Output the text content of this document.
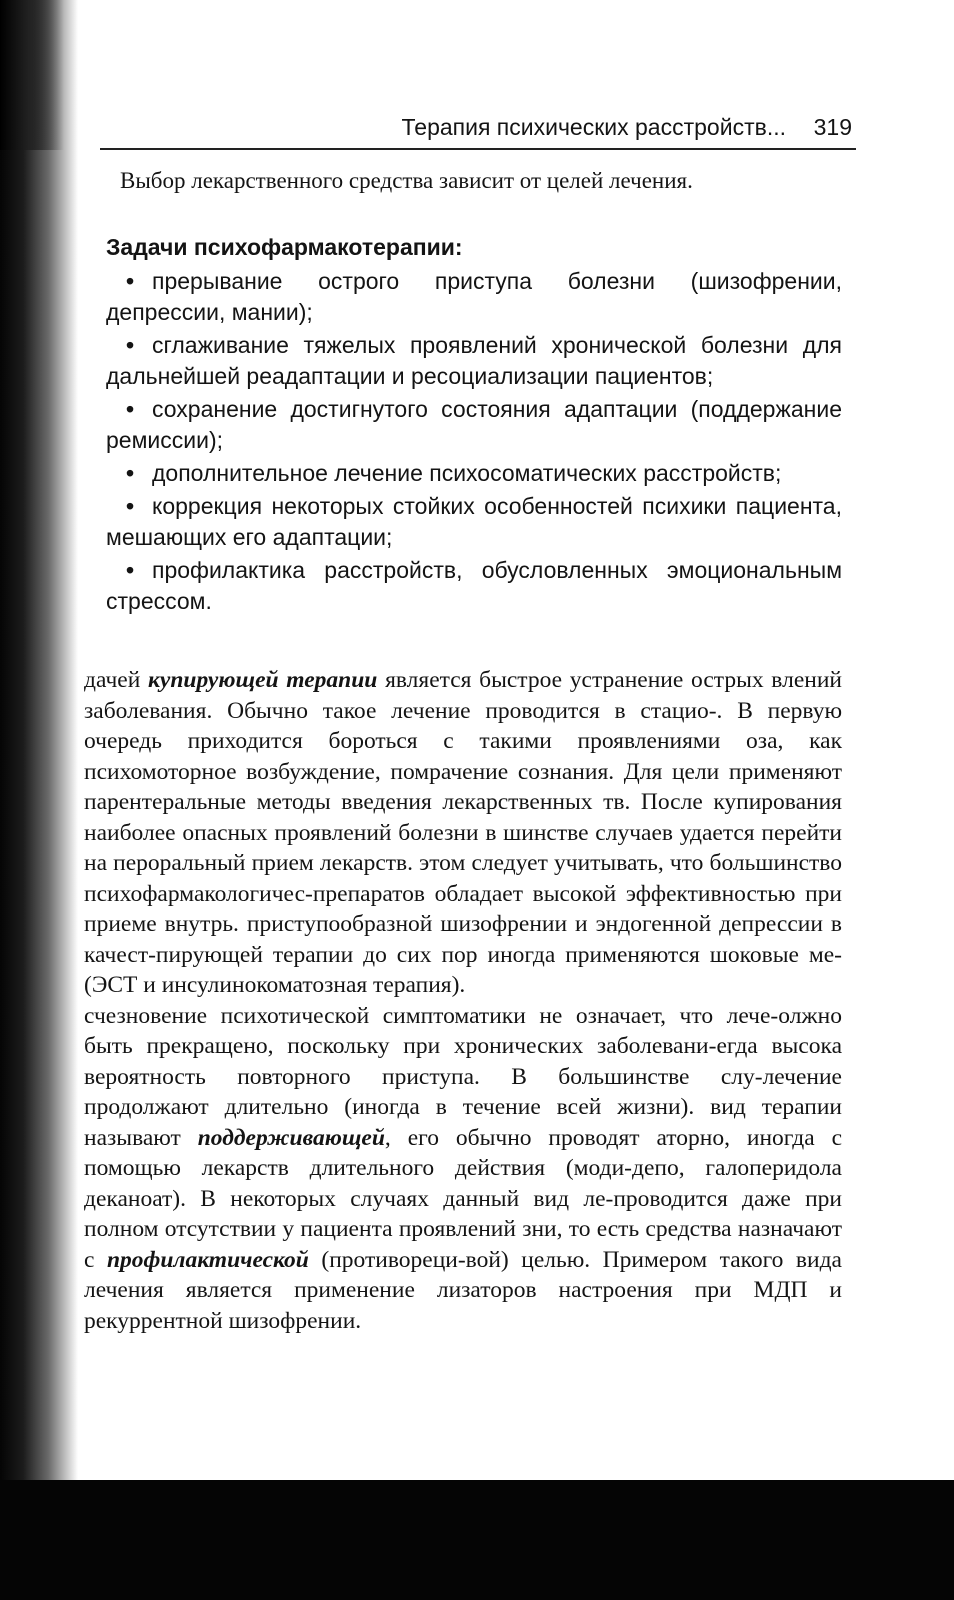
Терапия психических расстройств... 319
Выбор лекарственного средства зависит от целей лечения.
Задачи психофармакотерапии:
• прерывание острого приступа болезни (шизофрении, депрессии, мании);
• сглаживание тяжелых проявлений хронической болезни для дальнейшей реадаптации и ресоциализации пациентов;
• сохранение достигнутого состояния адаптации (поддержание ремиссии);
• дополнительное лечение психосоматических расстройств;
• коррекция некоторых стойких особенностей психики пациента, мешающих его адаптации;
• профилактика расстройств, обусловленных эмоциональным стрессом.

дачей купирующей терапии является быстрое устранение острых влений заболевания. Обычно такое лечение проводится в стацио-. В первую очередь приходится бороться с такими проявлениями оза, как психомоторное возбуждение, помрачение сознания. Для цели применяют парентеральные методы введения лекарственных тв. После купирования наиболее опасных проявлений болезни в шинстве случаев удается перейти на пероральный прием лекарств. этом следует учитывать, что большинство психофармакологичес-препаратов обладает высокой эффективностью при приеме внутрь. приступообразной шизофрении и эндогенной депрессии в качест-пирующей терапии до сих пор иногда применяются шоковые ме-(ЭСТ и инсулинокоматозная терапия).

счезновение психотической симптоматики не означает, что лече-олжно быть прекращено, поскольку при хронических заболевани-егда высока вероятность повторного приступа. В большинстве слу-лечение продолжают длительно (иногда в течение всей жизни). вид терапии называют поддерживающей, его обычно проводят аторно, иногда с помощью лекарств длительного действия (моди-депо, галоперидола деканоат). В некоторых случаях данный вид ле-проводится даже при полном отсутствии у пациента проявлений зни, то есть средства назначают с профилактической (противореци-вой) целью. Примером такого вида лечения является применение лизаторов настроения при МДП и рекуррентной шизофрении.
